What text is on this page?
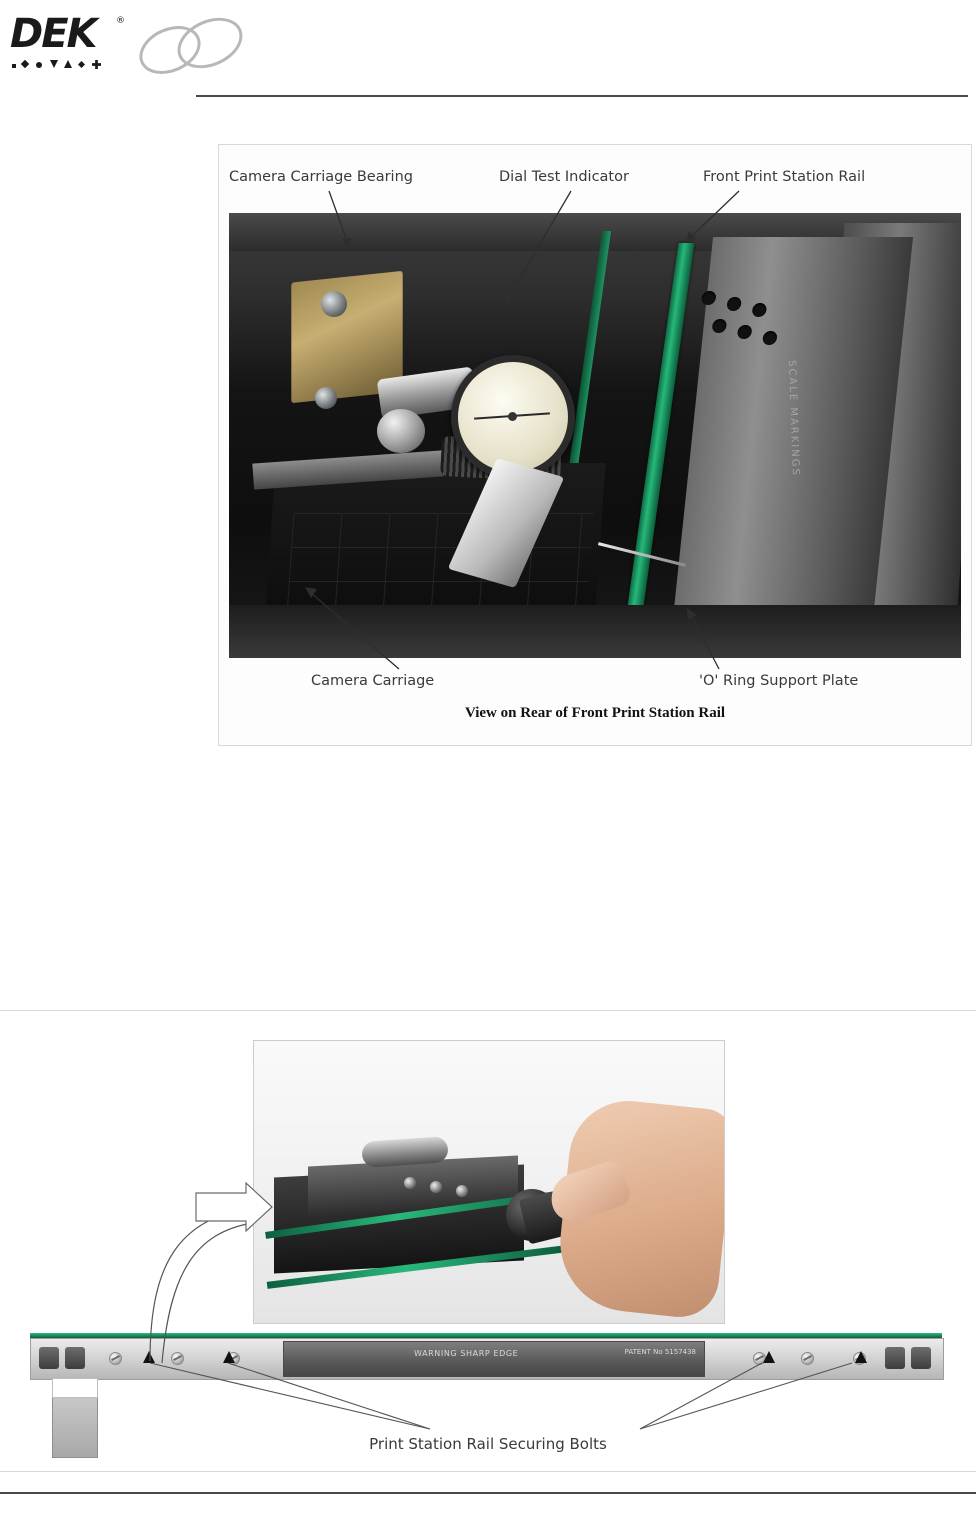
DEK ®
Camera Carriage Bearing	Dial Test Indicator	Front Print Station Rail
Camera Carriage	'O' Ring Support Plate
SCALE MARKINGS
View on Rear of Front Print Station Rail
WARNING SHARP EDGE	PATENT No 5157438
Print Station Rail Securing Bolts
